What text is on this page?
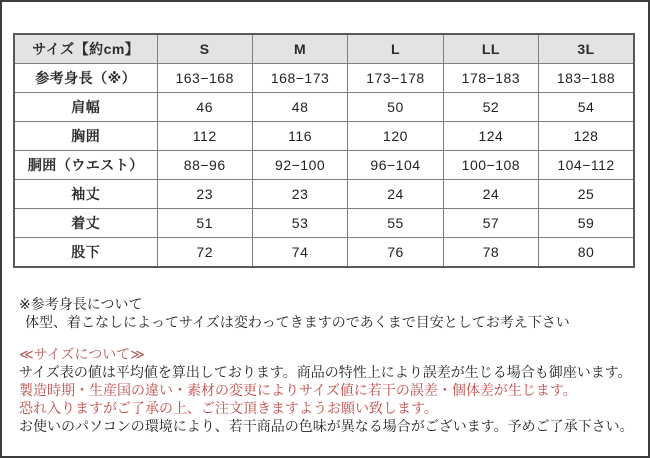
サイズ【約cm】	S	M	L	LL	3L
参考身長（※）	163−168	168−173	173−178	178−183	183−188
肩幅	46	48	50	52	54
胸囲	112	116	120	124	128
胴囲（ウエスト）	88−96	92−100	96−104	100−108	104−112
袖丈	23	23	24	24	25
着丈	51	53	55	57	59
股下	72	74	76	78	80

※参考身長について

体型、着こなしによってサイズは変わってきますのであくまで目安としてお考え下さい

≪サイズについて≫

サイズ表の値は平均値を算出しております。商品の特性上により誤差が生じる場合も御座います。

製造時期・生産国の違い・素材の変更によりサイズ値に若干の誤差・個体差が生じます。

恐れ入りますがご了承の上、ご注文頂きますようお願い致します。

お使いのパソコンの環境により、若干商品の色味が異なる場合がございます。予めご了承下さい。
